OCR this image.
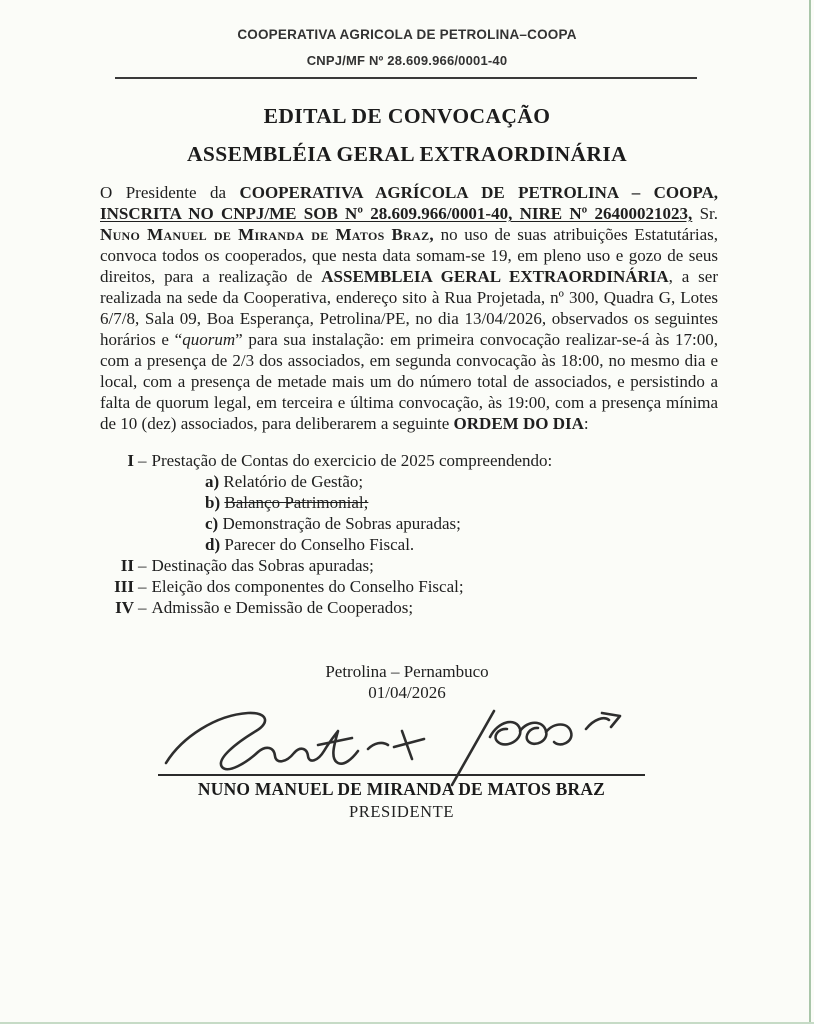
COOPERATIVA AGRICOLA DE PETROLINA–COOPA
CNPJ/MF Nº 28.609.966/0001-40
EDITAL DE CONVOCAÇÃO
ASSEMBLÉIA GERAL EXTRAORDINÁRIA

O Presidente da COOPERATIVA AGRÍCOLA DE PETROLINA – COOPA, INSCRITA NO CNPJ/ME SOB Nº 28.609.966/0001-40, NIRE Nº 26400021023, Sr. Nuno Manuel de Miranda de Matos Braz, no uso de suas atribuições Estatutárias, convoca todos os cooperados, que nesta data somam-se 19, em pleno uso e gozo de seus direitos, para a realização de ASSEMBLEIA GERAL EXTRAORDINÁRIA, a ser realizada na sede da Cooperativa, endereço sito à Rua Projetada, nº 300, Quadra G, Lotes 6/7/8, Sala 09, Boa Esperança, Petrolina/PE, no dia 13/04/2026, observados os seguintes horários e “quorum” para sua instalação: em primeira convocação realizar-se-á às 17:00, com a presença de 2/3 dos associados, em segunda convocação às 18:00, no mesmo dia e local, com a presença de metade mais um do número total de associados, e persistindo a falta de quorum legal, em terceira e última convocação, às 19:00, com a presença mínima de 10 (dez) associados, para deliberarem a seguinte ORDEM DO DIA:

I – Prestação de Contas do exercicio de 2025 compreendendo:
a) Relatório de Gestão;
b) Balanço Patrimonial;
c) Demonstração de Sobras apuradas;
d) Parecer do Conselho Fiscal.
II – Destinação das Sobras apuradas;
III – Eleição dos componentes do Conselho Fiscal;
IV – Admissão e Demissão de Cooperados;
Petrolina – Pernambuco
01/04/2026
NUNO MANUEL DE MIRANDA DE MATOS BRAZ
PRESIDENTE
